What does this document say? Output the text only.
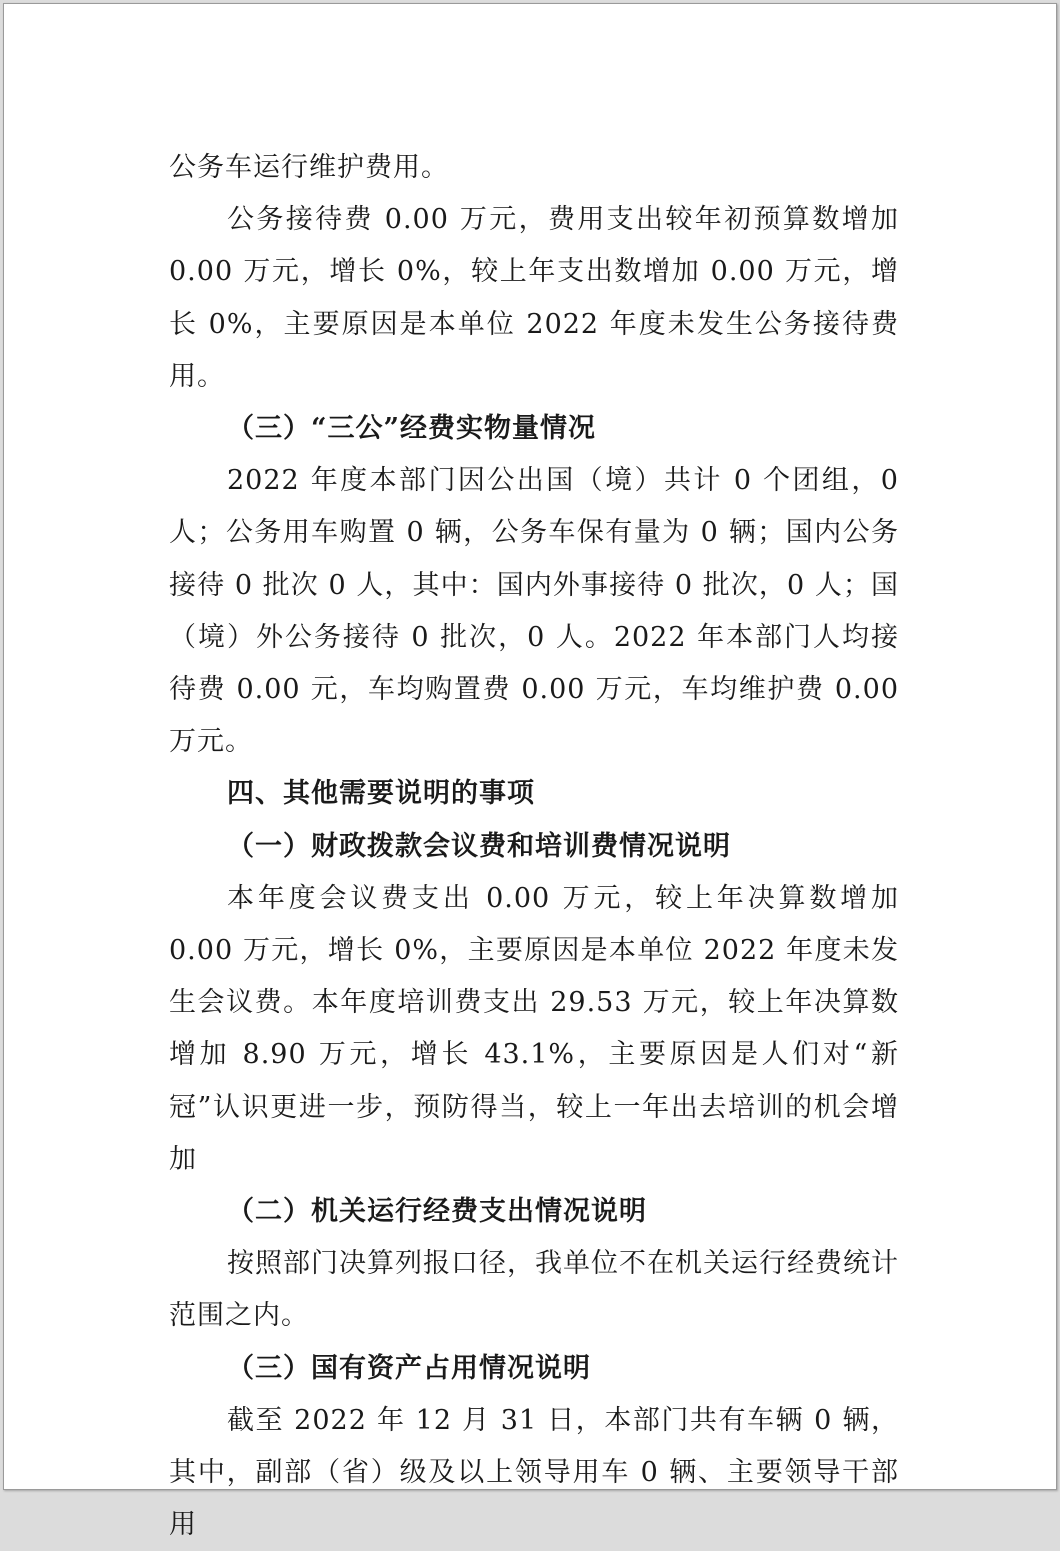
公务车运行维护费用。

公务接待费 0.00 万元，费用支出较年初预算数增加 0.00 万元，增长 0%，较上年支出数增加 0.00 万元，增长 0%，主要原因是本单位 2022 年度未发生公务接待费用。

（三）“三公”经费实物量情况

2022 年度本部门因公出国（境）共计 0 个团组，0 人；公务用车购置 0 辆，公务车保有量为 0 辆；国内公务接待 0 批次 0 人，其中：国内外事接待 0 批次，0 人；国（境）外公务接待 0 批次，0 人。2022 年本部门人均接待费 0.00 元，车均购置费 0.00 万元，车均维护费 0.00 万元。

四、其他需要说明的事项

（一）财政拨款会议费和培训费情况说明

本年度会议费支出 0.00 万元，较上年决算数增加 0.00 万元，增长 0%，主要原因是本单位 2022 年度未发生会议费。本年度培训费支出 29.53 万元，较上年决算数增加 8.90 万元，增长 43.1%，主要原因是人们对“新冠”认识更进一步，预防得当，较上一年出去培训的机会增加

（二）机关运行经费支出情况说明

按照部门决算列报口径，我单位不在机关运行经费统计范围之内。

（三）国有资产占用情况说明

截至 2022 年 12 月 31 日，本部门共有车辆 0 辆，其中，副部（省）级及以上领导用车 0 辆、主要领导干部用
